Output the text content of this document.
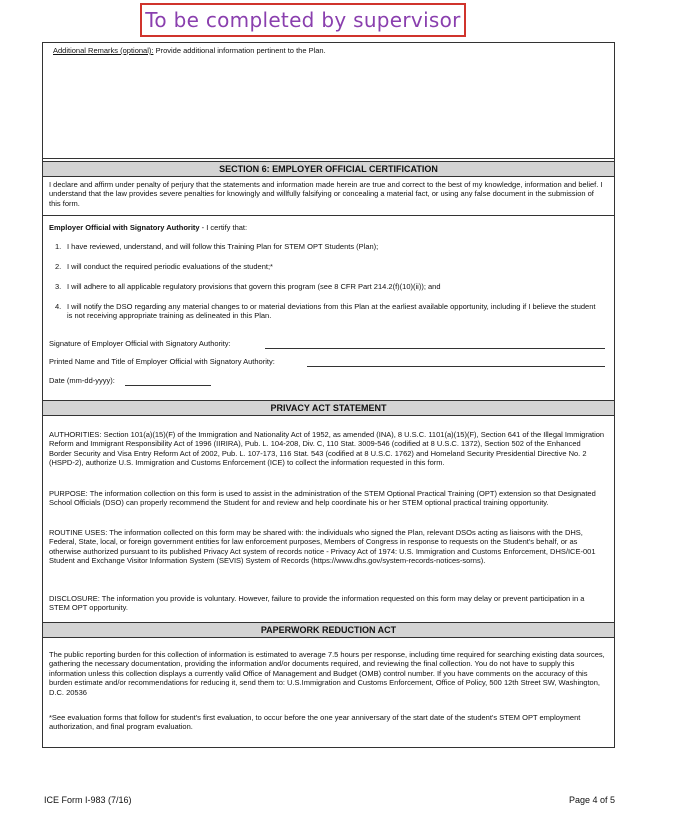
To be completed by supervisor
Additional Remarks (optional): Provide additional information pertinent to the Plan.
SECTION 6: EMPLOYER OFFICIAL CERTIFICATION
I declare and affirm under penalty of perjury that the statements and information made herein are true and correct to the best of my knowledge, information and belief. I understand that the law provides severe penalties for knowingly and willfully falsifying or concealing a material fact, or using any false document in the submission of this form.
Employer Official with Signatory Authority - I certify that:
1. I have reviewed, understand, and will follow this Training Plan for STEM OPT Students (Plan);
2. I will conduct the required periodic evaluations of the student;*
3. I will adhere to all applicable regulatory provisions that govern this program (see 8 CFR Part 214.2(f)(10)(ii)); and
4. I will notify the DSO regarding any material changes to or material deviations from this Plan at the earliest available opportunity, including if I believe the student is not receiving appropriate training as delineated in this Plan.
Signature of Employer Official with Signatory Authority:
Printed Name and Title of Employer Official with Signatory Authority:
Date (mm-dd-yyyy):
PRIVACY ACT STATEMENT
AUTHORITIES: Section 101(a)(15)(F) of the Immigration and Nationality Act of 1952, as amended (INA), 8 U.S.C. 1101(a)(15)(F), Section 641 of the Illegal Immigration Reform and Immigrant Responsibility Act of 1996 (IIRIRA), Pub. L. 104-208, Div. C, 110 Stat. 3009-546 (codified at 8 U.S.C. 1372), Section 502 of the Enhanced Border Security and Visa Entry Reform Act of 2002, Pub. L. 107-173, 116 Stat. 543 (codified at 8 U.S.C. 1762) and Homeland Security Presidential Directive No. 2 (HSPD-2), authorize U.S. Immigration and Customs Enforcement (ICE) to collect the information requested in this form.
PURPOSE: The information collection on this form is used to assist in the administration of the STEM Optional Practical Training (OPT) extension so that Designated School Officials (DSO) can properly recommend the Student for and review and help coordinate his or her STEM optional practical training opportunity.
ROUTINE USES: The information collected on this form may be shared with: the individuals who signed the Plan, relevant DSOs acting as liaisons with the DHS, Federal, State, local, or foreign government entities for law enforcement purposes, Members of Congress in response to requests on the Student's behalf, or as otherwise authorized pursuant to its published Privacy Act system of records notice - Privacy Act of 1974: U.S. Immigration and Customs Enforcement, DHS/ICE-001 Student and Exchange Visitor Information System (SEVIS) System of Records (https://www.dhs.gov/system-records-notices-sorns).
DISCLOSURE: The information you provide is voluntary. However, failure to provide the information requested on this form may delay or prevent participation in a STEM OPT opportunity.
PAPERWORK REDUCTION ACT
The public reporting burden for this collection of information is estimated to average 7.5 hours per response, including time required for searching existing data sources, gathering the necessary documentation, providing the information and/or documents required, and reviewing the final collection. You do not have to supply this information unless this collection displays a currently valid Office of Management and Budget (OMB) control number. If you have comments on the accuracy of this burden estimate and/or recommendations for reducing it, send them to: U.S.Immigration and Customs Enforcement, Office of Policy, 500 12th Street SW, Washington, D.C. 20536
*See evaluation forms that follow for student's first evaluation, to occur before the one year anniversary of the start date of the student's STEM OPT employment authorization, and final program evaluation.
ICE Form I-983 (7/16)	Page 4 of 5
